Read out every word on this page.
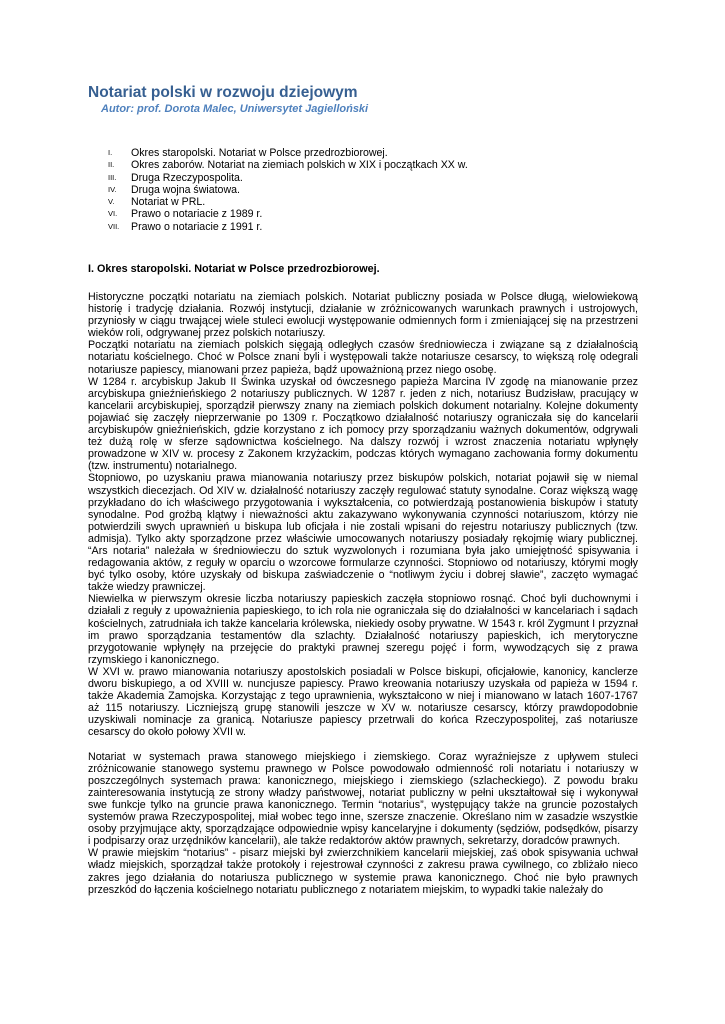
Notariat polski w rozwoju dziejowym

Autor: prof. Dorota Malec, Uniwersytet Jagielloński

I. Okres staropolski. Notariat w Polsce przedrozbiorowej.
II. Okres zaborów. Notariat na ziemiach polskich w XIX i początkach XX w.
III. Druga Rzeczypospolita.
IV. Druga wojna światowa.
V. Notariat w PRL.
VI. Prawo o notariacie z 1989 r.
VII. Prawo o notariacie z 1991 r.
I. Okres staropolski. Notariat w Polsce przedrozbiorowej.

Historyczne początki notariatu na ziemiach polskich. Notariat publiczny posiada w Polsce długą, wielowiekową historię i tradycję działania. Rozwój instytucji, działanie w zróżnicowanych warunkach prawnych i ustrojowych, przyniosły w ciągu trwającej wiele stuleci ewolucji występowanie odmiennych form i zmieniającej się na przestrzeni wieków roli, odgrywanej przez polskich notariuszy.

Początki notariatu na ziemiach polskich sięgają odległych czasów średniowiecza i związane są z działalnością notariatu kościelnego. Choć w Polsce znani byli i występowali także notariusze cesarscy, to większą rolę odegrali notariusze papiescy, mianowani przez papieża, bądź upoważnioną przez niego osobę.

W 1284 r. arcybiskup Jakub II Świnka uzyskał od ówczesnego papieża Marcina IV zgodę na mianowanie przez arcybiskupa gnieźnieńskiego 2 notariuszy publicznych. W 1287 r. jeden z nich, notariusz Budzisław, pracujący w kancelarii arcybiskupiej, sporządził pierwszy znany na ziemiach polskich dokument notarialny. Kolejne dokumenty pojawiać się zaczęły nieprzerwanie po 1309 r. Początkowo działalność notariuszy ograniczała się do kancelarii arcybiskupów gnieźnieńskich, gdzie korzystano z ich pomocy przy sporządzaniu ważnych dokumentów, odgrywali też dużą rolę w sferze sądownictwa kościelnego. Na dalszy rozwój i wzrost znaczenia notariatu wpłynęły prowadzone w XIV w. procesy z Zakonem krzyżackim, podczas których wymagano zachowania formy dokumentu (tzw. instrumentu) notarialnego.

Stopniowo, po uzyskaniu prawa mianowania notariuszy przez biskupów polskich, notariat pojawił się w niemal wszystkich diecezjach. Od XIV w. działalność notariuszy zaczęły regulować statuty synodalne. Coraz większą wagę przykładano do ich właściwego przygotowania i wykształcenia, co potwierdzają postanowienia biskupów i statuty synodalne. Pod groźbą klątwy i nieważności aktu zakazywano wykonywania czynności notariuszom, którzy nie potwierdzili swych uprawnień u biskupa lub oficjała i nie zostali wpisani do rejestru notariuszy publicznych (tzw. admisja). Tylko akty sporządzone przez właściwie umocowanych notariuszy posiadały rękojmię wiary publicznej. “Ars notaria” należała w średniowieczu do sztuk wyzwolonych i rozumiana była jako umiejętność spisywania i redagowania aktów, z reguły w oparciu o wzorcowe formularze czynności. Stopniowo od notariuszy, którymi mogły być tylko osoby, które uzyskały od biskupa zaświadczenie o “notliwym życiu i dobrej sławie”, zaczęto wymagać także wiedzy prawniczej.

Niewielka w pierwszym okresie liczba notariuszy papieskich zaczęła stopniowo rosnąć. Choć byli duchownymi i działali z reguły z upoważnienia papieskiego, to ich rola nie ograniczała się do działalności w kancelariach i sądach kościelnych, zatrudniała ich także kancelaria królewska, niekiedy osoby prywatne. W 1543 r. król Zygmunt I przyznał im prawo sporządzania testamentów dla szlachty. Działalność notariuszy papieskich, ich merytoryczne przygotowanie wpłynęły na przejęcie do praktyki prawnej szeregu pojęć i form, wywodzących się z prawa rzymskiego i kanonicznego.

W XVI w. prawo mianowania notariuszy apostolskich posiadali w Polsce biskupi, oficjałowie, kanonicy, kanclerze dworu biskupiego, a od XVIII w. nuncjusze papiescy. Prawo kreowania notariuszy uzyskała od papieża w 1594 r. także Akademia Zamojska. Korzystając z tego uprawnienia, wykształcono w niej i mianowano w latach 1607-1767 aż 115 notariuszy. Liczniejszą grupę stanowili jeszcze w XV w. notariusze cesarscy, którzy prawdopodobnie uzyskiwali nominacje za granicą. Notariusze papiescy przetrwali do końca Rzeczypospolitej, zaś notariusze cesarscy do około połowy XVII w.

Notariat w systemach prawa stanowego miejskiego i ziemskiego. Coraz wyraźniejsze z upływem stuleci zróżnicowanie stanowego systemu prawnego w Polsce powodowało odmienność roli notariatu i notariuszy w poszczególnych systemach prawa: kanonicznego, miejskiego i ziemskiego (szlacheckiego). Z powodu braku zainteresowania instytucją ze strony władzy państwowej, notariat publiczny w pełni ukształtował się i wykonywał swe funkcje tylko na gruncie prawa kanonicznego. Termin “notarius”, występujący także na gruncie pozostałych systemów prawa Rzeczypospolitej, miał wobec tego inne, szersze znaczenie. Określano nim w zasadzie wszystkie osoby przyjmujące akty, sporządzające odpowiednie wpisy kancelaryjne i dokumenty (sędziów, podsędków, pisarzy i podpisarzy oraz urzędników kancelarii), ale także redaktorów aktów prawnych, sekretarzy, doradców prawnych.

W prawie miejskim “notarius” - pisarz miejski był zwierzchnikiem kancelarii miejskiej, zaś obok spisywania uchwał władz miejskich, sporządzał także protokoły i rejestrował czynności z zakresu prawa cywilnego, co zbliżało nieco zakres jego działania do notariusza publicznego w systemie prawa kanonicznego. Choć nie było prawnych przeszkód do łączenia kościelnego notariatu publicznego z notariatem miejskim, to wypadki takie należały do
